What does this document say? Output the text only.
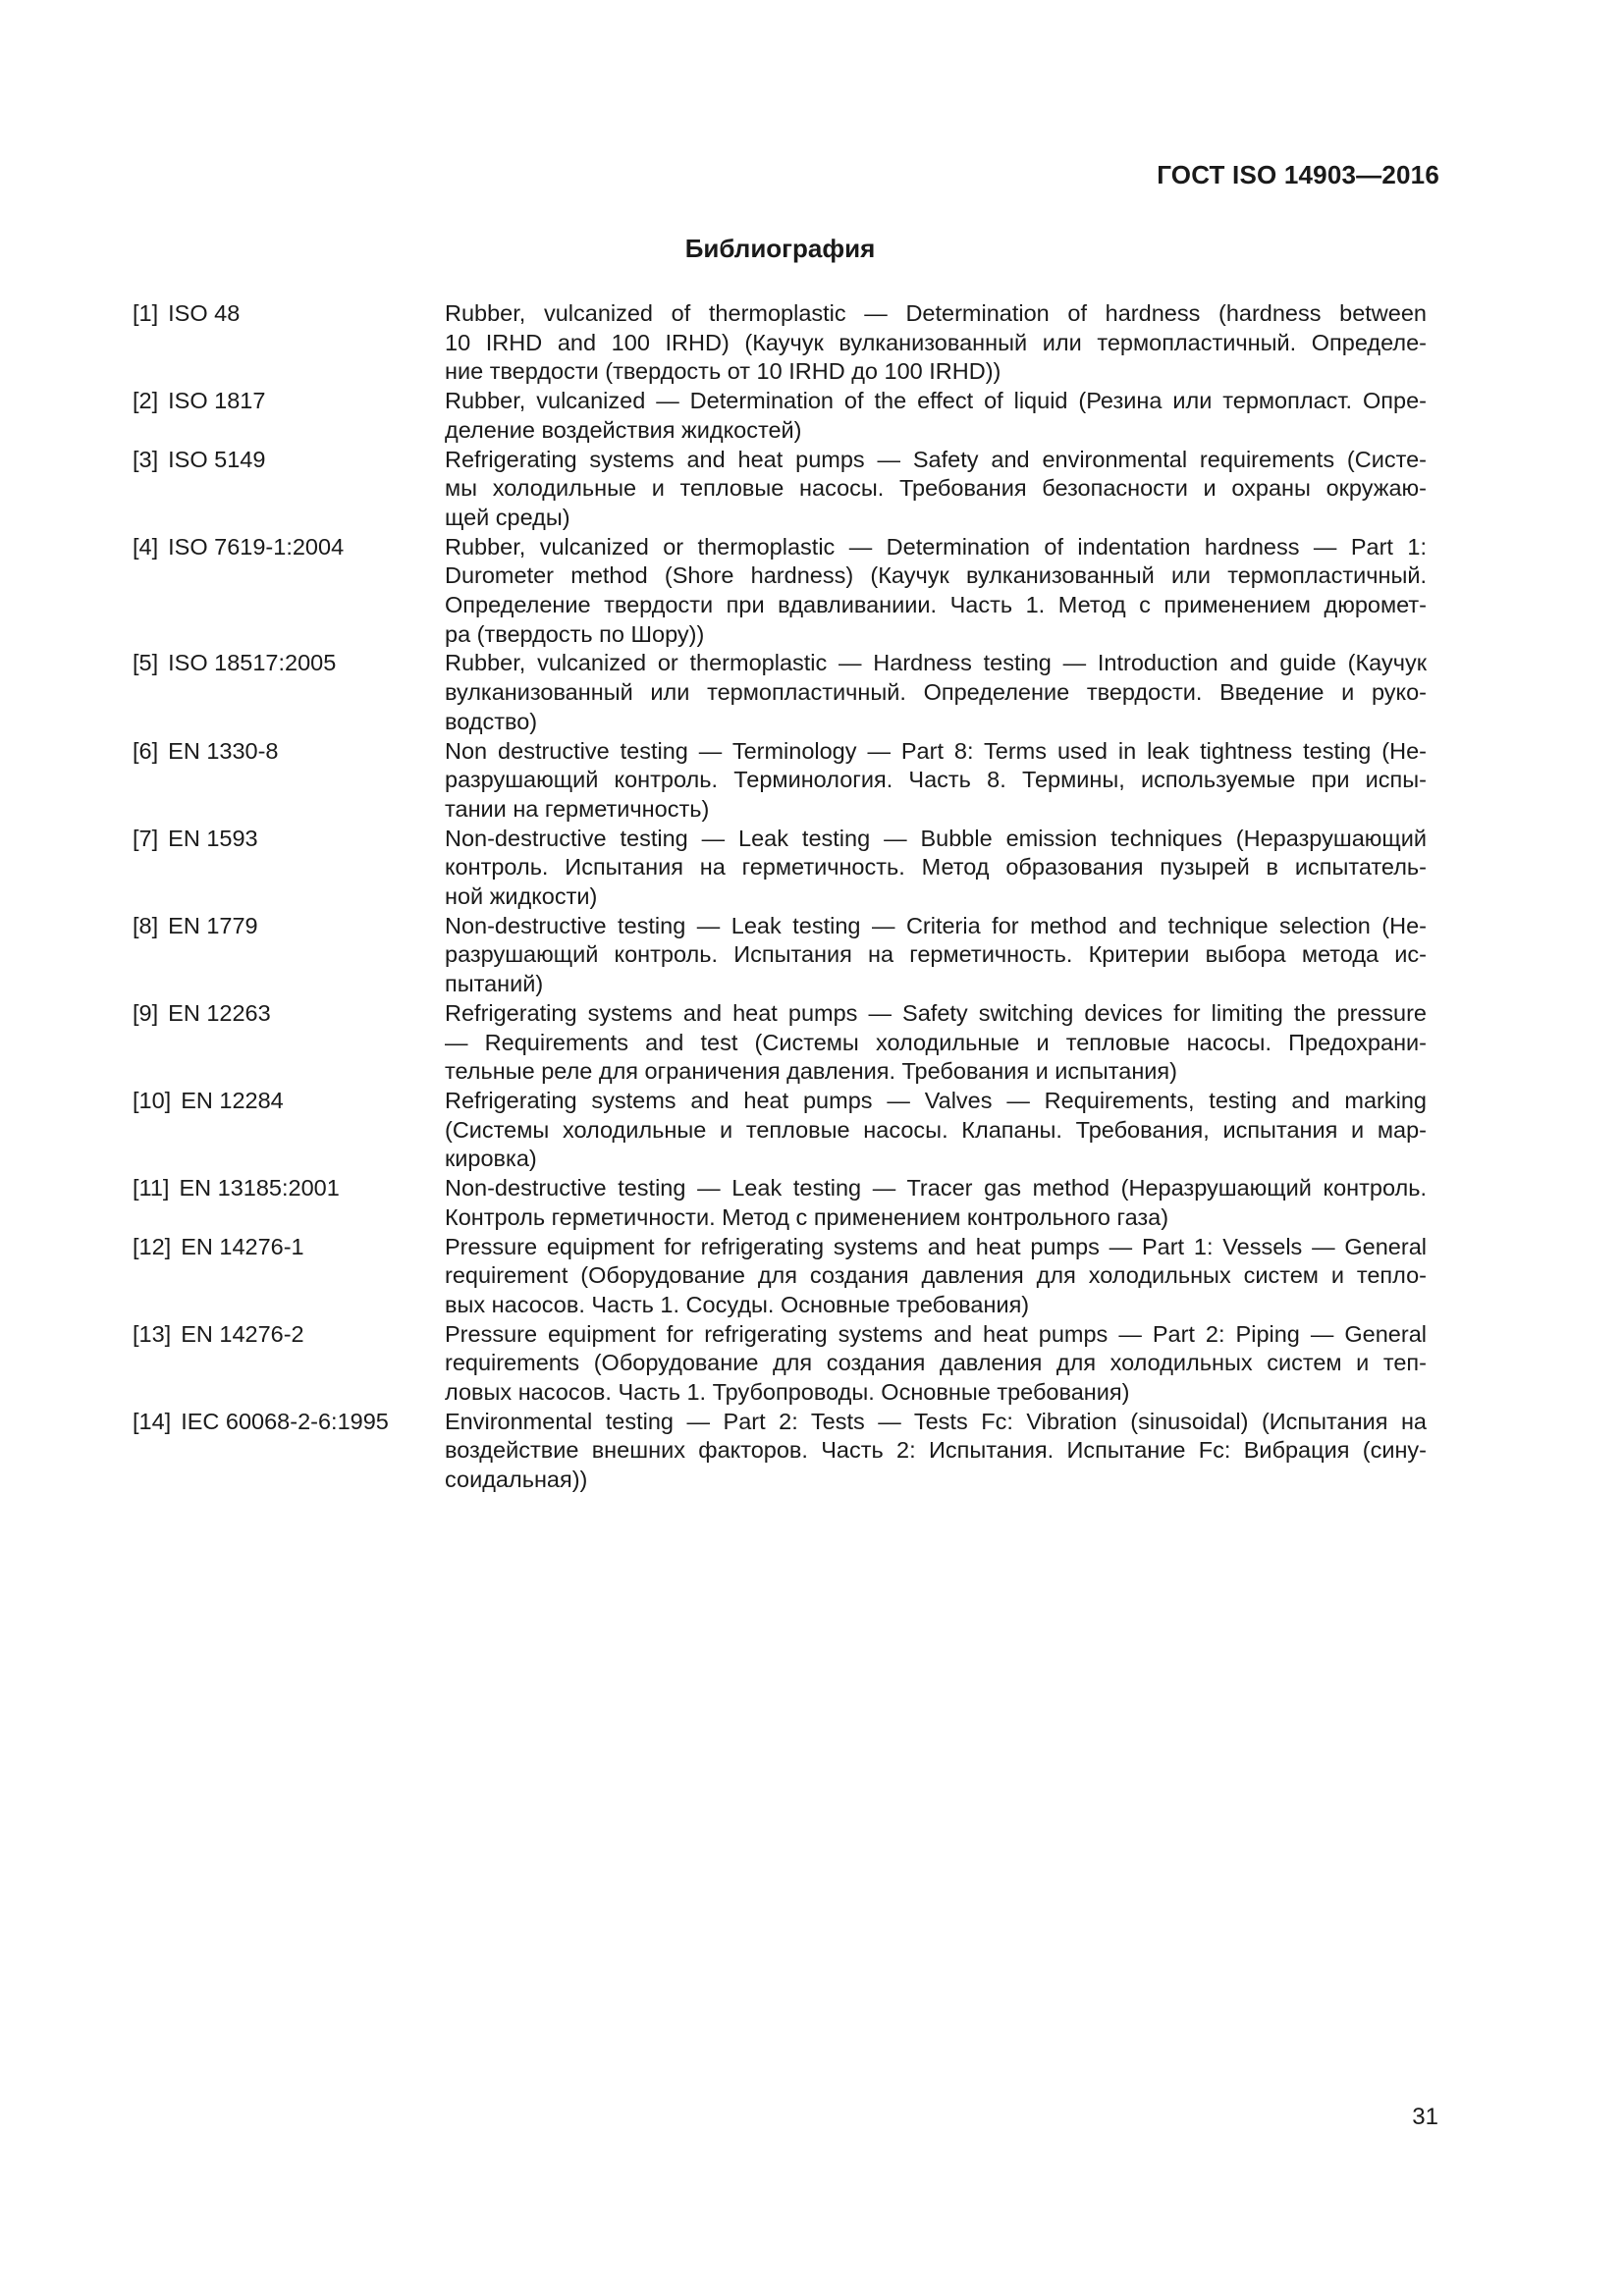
ГОСТ ISO 14903—2016
Библиография
[1] ISO 48	Rubber, vulcanized of thermoplastic — Determination of hardness (hardness between
10 IRHD and 100 IRHD) (Каучук вулканизованный или термопластичный. Определе-
ние твердости (твердость от 10 IRHD до 100 IRHD))
[2] ISO 1817	Rubber, vulcanized — Determination of the effect of liquid (Резина или термопласт. Опре-
деление воздействия жидкостей)
[3] ISO 5149	Refrigerating systems and heat pumps — Safety and environmental requirements (Систе-
мы холодильные и тепловые насосы. Требования безопасности и охраны окружаю-
щей среды)
[4] ISO 7619-1:2004	Rubber, vulcanized or thermoplastic — Determination of indentation hardness — Part 1:
Durometer method (Shore hardness) (Каучук вулканизованный или термопластичный.
Определение твердости при вдавливаниии. Часть 1. Метод с применением дюромет-
ра (твердость по Шору))
[5] ISO 18517:2005	Rubber, vulcanized or thermoplastic — Hardness testing — Introduction and guide (Каучук
вулканизованный или термопластичный. Определение твердости. Введение и руко-
водство)
[6] EN 1330-8	Non destructive testing — Terminology — Part 8: Terms used in leak tightness testing (Не-
разрушающий контроль. Терминология. Часть 8. Термины, используемые при испы-
тании на герметичность)
[7] EN 1593	Non-destructive testing — Leak testing — Bubble emission techniques (Неразрушающий
контроль. Испытания на герметичность. Метод образования пузырей в испытатель-
ной жидкости)
[8] EN 1779	Non-destructive testing — Leak testing — Criteria for method and technique selection (Не-
разрушающий контроль. Испытания на герметичность. Критерии выбора метода ис-
пытаний)
[9] EN 12263	Refrigerating systems and heat pumps — Safety switching devices for limiting the pressure
— Requirements and test (Системы холодильные и тепловые насосы. Предохрани-
тельные реле для ограничения давления. Требования и испытания)
[10] EN 12284	Refrigerating systems and heat pumps — Valves — Requirements, testing and marking
(Системы холодильные и тепловые насосы. Клапаны. Требования, испытания и мар-
кировка)
[11] EN 13185:2001	Non-destructive testing — Leak testing — Tracer gas method (Неразрушающий контроль.
Контроль герметичности. Метод с применением контрольного газа)
[12] EN 14276-1	Pressure equipment for refrigerating systems and heat pumps — Part 1: Vessels — General
requirement (Оборудование для создания давления для холодильных систем и тепло-
вых насосов. Часть 1. Сосуды. Основные требования)
[13] EN 14276-2	Pressure equipment for refrigerating systems and heat pumps — Part 2: Piping — General
requirements (Оборудование для создания давления для холодильных систем и теп-
ловых насосов. Часть 1. Трубопроводы. Основные требования)
[14] IEC 60068-2-6:1995	Environmental testing — Part 2: Tests — Tests Fc: Vibration (sinusoidal) (Испытания на
воздействие внешних факторов. Часть 2: Испытания. Испытание Fc: Вибрация (сину-
соидальная))
31
